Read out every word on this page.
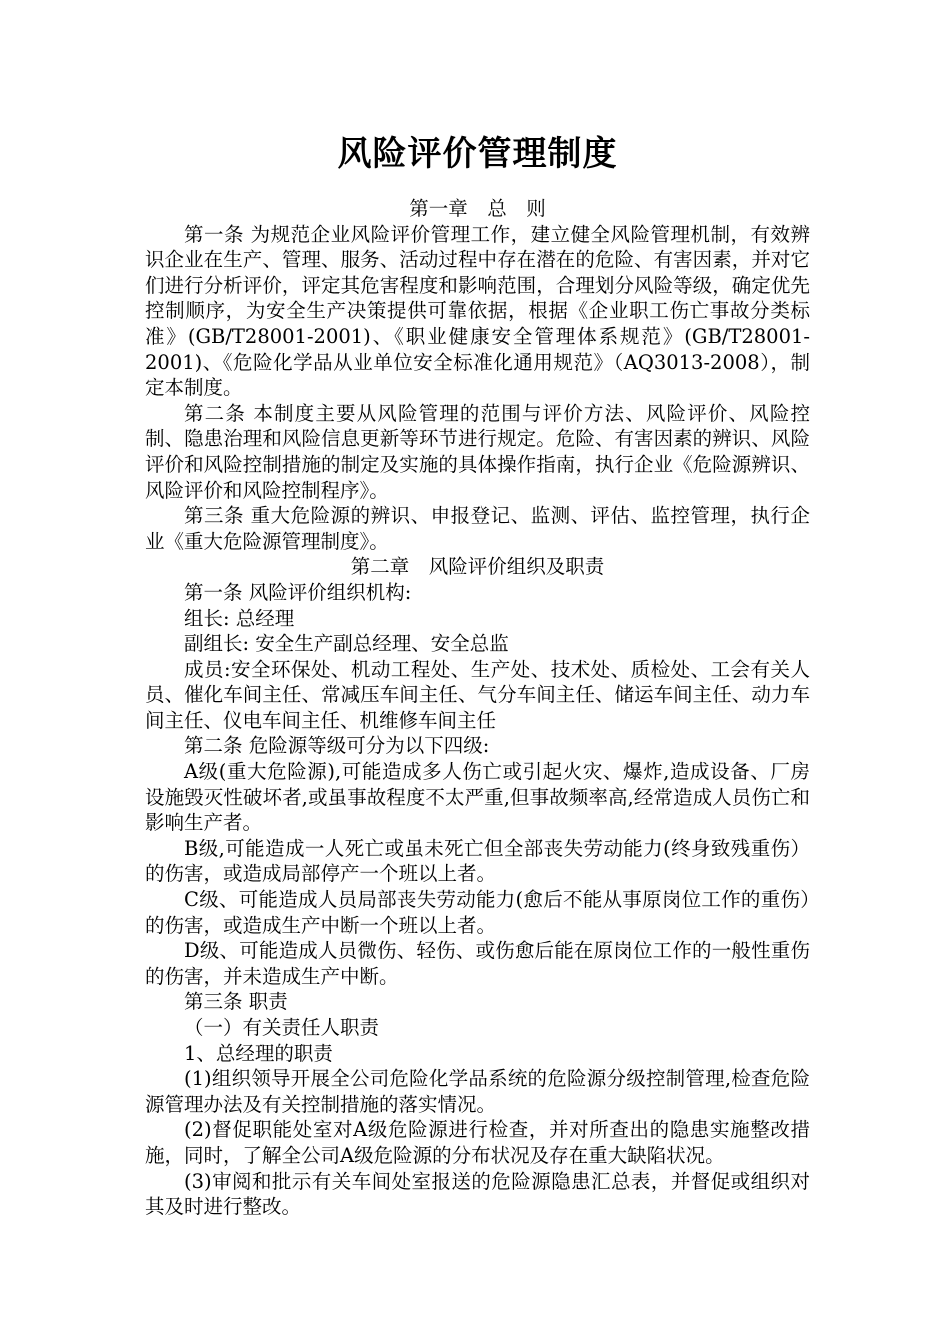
风险评价管理制度
第一章　总　则

第一条 为规范企业风险评价管理工作，建立健全风险管理机制，有效辨识企业在生产、管理、服务、活动过程中存在潜在的危险、有害因素，并对它们进行分析评价，评定其危害程度和影响范围，合理划分风险等级，确定优先控制顺序，为安全生产决策提供可靠依据，根据《企业职工伤亡事故分类标准》(GB/T28001-2001)、《职业健康安全管理体系规范》(GB/T28001-2001)、《危险化学品从业单位安全标准化通用规范》（AQ3013-2008），制定本制度。

第二条 本制度主要从风险管理的范围与评价方法、风险评价、风险控制、隐患治理和风险信息更新等环节进行规定。危险、有害因素的辨识、风险评价和风险控制措施的制定及实施的具体操作指南，执行企业《危险源辨识、风险评价和风险控制程序》。

第三条 重大危险源的辨识、申报登记、监测、评估、监控管理，执行企业《重大危险源管理制度》。

第二章　风险评价组织及职责

第一条 风险评价组织机构:

组长: 总经理

副组长: 安全生产副总经理、安全总监

成员:安全环保处、机动工程处、生产处、技术处、质检处、工会有关人员、催化车间主任、常减压车间主任、气分车间主任、储运车间主任、动力车间主任、仪电车间主任、机维修车间主任

第二条 危险源等级可分为以下四级:

A级(重大危险源),可能造成多人伤亡或引起火灾、爆炸,造成设备、厂房设施毁灭性破坏者,或虽事故程度不太严重,但事故频率高,经常造成人员伤亡和影响生产者。

B级,可能造成一人死亡或虽未死亡但全部丧失劳动能力(终身致残重伤）的伤害，或造成局部停产一个班以上者。

C级、可能造成人员局部丧失劳动能力(愈后不能从事原岗位工作的重伤）的伤害，或造成生产中断一个班以上者。

D级、可能造成人员微伤、轻伤、或伤愈后能在原岗位工作的一般性重伤的伤害，并未造成生产中断。

第三条 职责

（一）有关责任人职责

1、总经理的职责

(1)组织领导开展全公司危险化学品系统的危险源分级控制管理,检查危险源管理办法及有关控制措施的落实情况。

(2)督促职能处室对A级危险源进行检查，并对所查出的隐患实施整改措施，同时，了解全公司A级危险源的分布状况及存在重大缺陷状况。

(3)审阅和批示有关车间处室报送的危险源隐患汇总表，并督促或组织对其及时进行整改。
